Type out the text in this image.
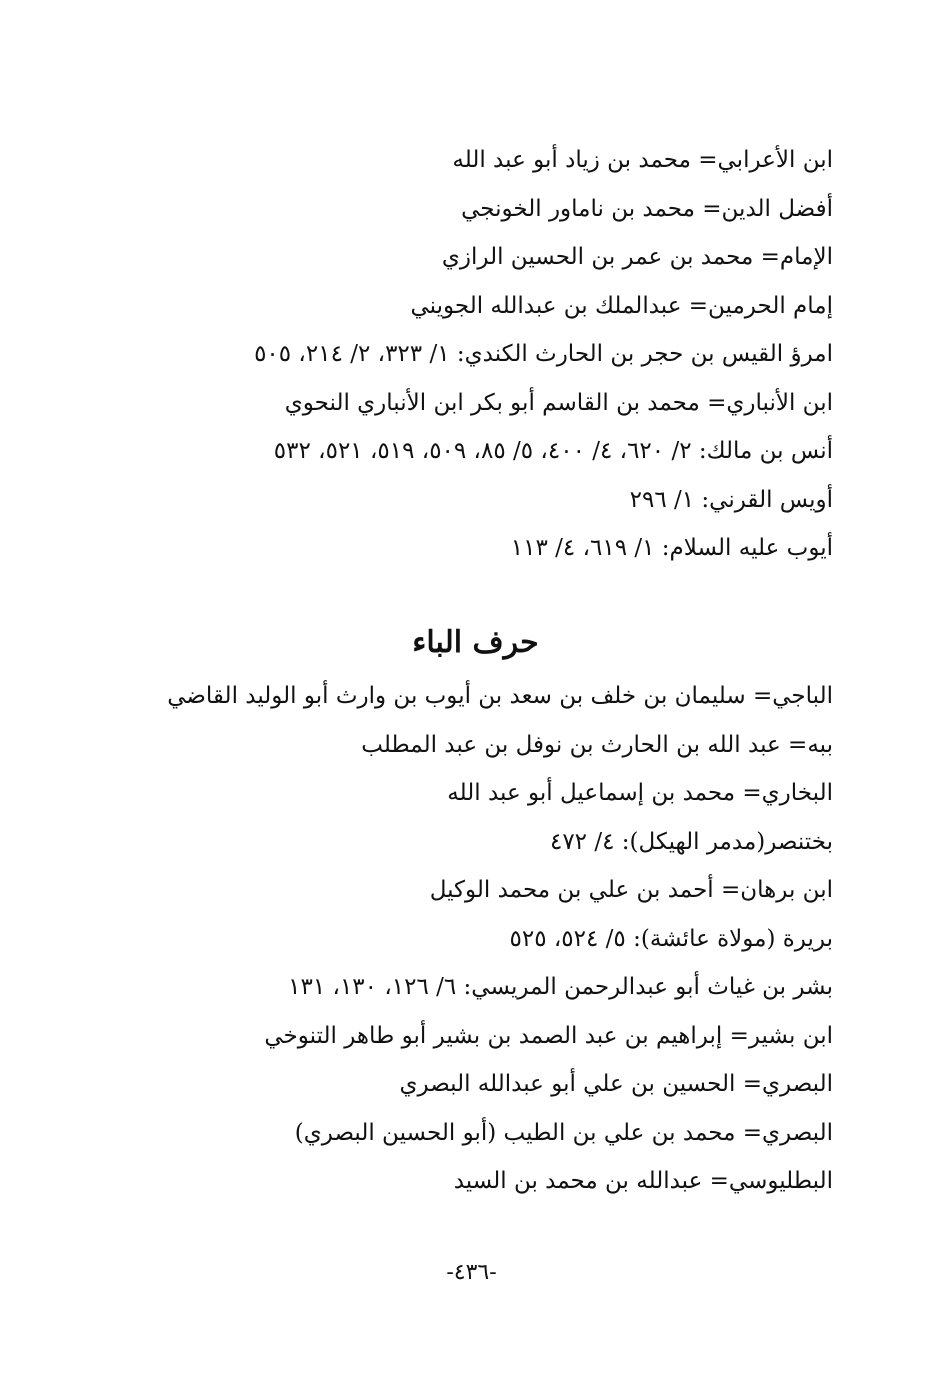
ابن الأعرابي= محمد بن زياد أبو عبد الله
أفضل الدين= محمد بن ناماور الخونجي
الإمام= محمد بن عمر بن الحسين الرازي
إمام الحرمين= عبدالملك بن عبدالله الجويني
امرؤ القيس بن حجر بن الحارث الكندي: ١/ ٣٢٣، ٢/ ٢١٤، ٥٠٥
ابن الأنباري= محمد بن القاسم أبو بكر ابن الأنباري النحوي
أنس بن مالك: ٢/ ٦٢٠، ٤/ ٤٠٠، ٥/ ٨٥، ٥٠٩، ٥١٩، ٥٢١، ٥٣٢
أويس القرني: ١/ ٢٩٦
أيوب عليه السلام: ١/ ٦١٩، ٤/ ١١٣
حرف الباء
الباجي= سليمان بن خلف بن سعد بن أيوب بن وارث أبو الوليد القاضي
ببه= عبد الله بن الحارث بن نوفل بن عبد المطلب
البخاري= محمد بن إسماعيل أبو عبد الله
بختنصر(مدمر الهيكل): ٤/ ٤٧٢
ابن برهان= أحمد بن علي بن محمد الوكيل
بريرة (مولاة عائشة): ٥/ ٥٢٤، ٥٢٥
بشر بن غياث أبو عبدالرحمن المريسي: ٦/ ١٢٦، ١٣٠، ١٣١
ابن بشير= إبراهيم بن عبد الصمد بن بشير أبو طاهر التنوخي
البصري= الحسين بن علي أبو عبدالله البصري
البصري= محمد بن علي بن الطيب (أبو الحسين البصري)
البطليوسي= عبدالله بن محمد بن السيد
-٤٣٦-
